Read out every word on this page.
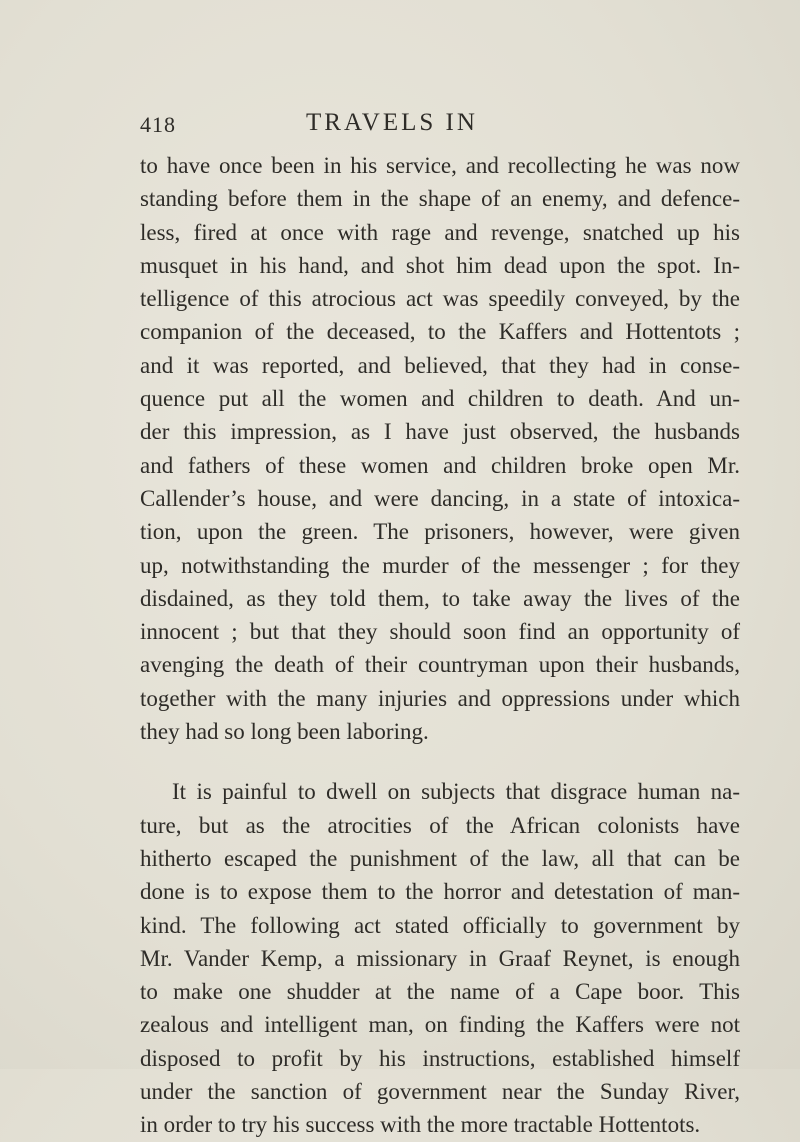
418	TRAVELS IN
to have once been in his service, and recollecting he was now
standing before them in the shape of an enemy, and defence-
less, fired at once with rage and revenge, snatched up his
musquet in his hand, and shot him dead upon the spot. In-
telligence of this atrocious act was speedily conveyed, by the
companion of the deceased, to the Kaffers and Hottentots ;
and it was reported, and believed, that they had in conse-
quence put all the women and children to death. And un-
der this impression, as I have just observed, the husbands
and fathers of these women and children broke open Mr.
Callender’s house, and were dancing, in a state of intoxica-
tion, upon the green. The prisoners, however, were given
up, notwithstanding the murder of the messenger ; for they
disdained, as they told them, to take away the lives of the
innocent ; but that they should soon find an opportunity of
avenging the death of their countryman upon their husbands,
together with the many injuries and oppressions under which
they had so long been laboring.
It is painful to dwell on subjects that disgrace human na-
ture, but as the atrocities of the African colonists have
hitherto escaped the punishment of the law, all that can be
done is to expose them to the horror and detestation of man-
kind. The following act stated officially to government by
Mr. Vander Kemp, a missionary in Graaf Reynet, is enough
to make one shudder at the name of a Cape boor. This
zealous and intelligent man, on finding the Kaffers were not
disposed to profit by his instructions, established himself
under the sanction of government near the Sunday River,
in order to try his success with the more tractable Hottentots.
